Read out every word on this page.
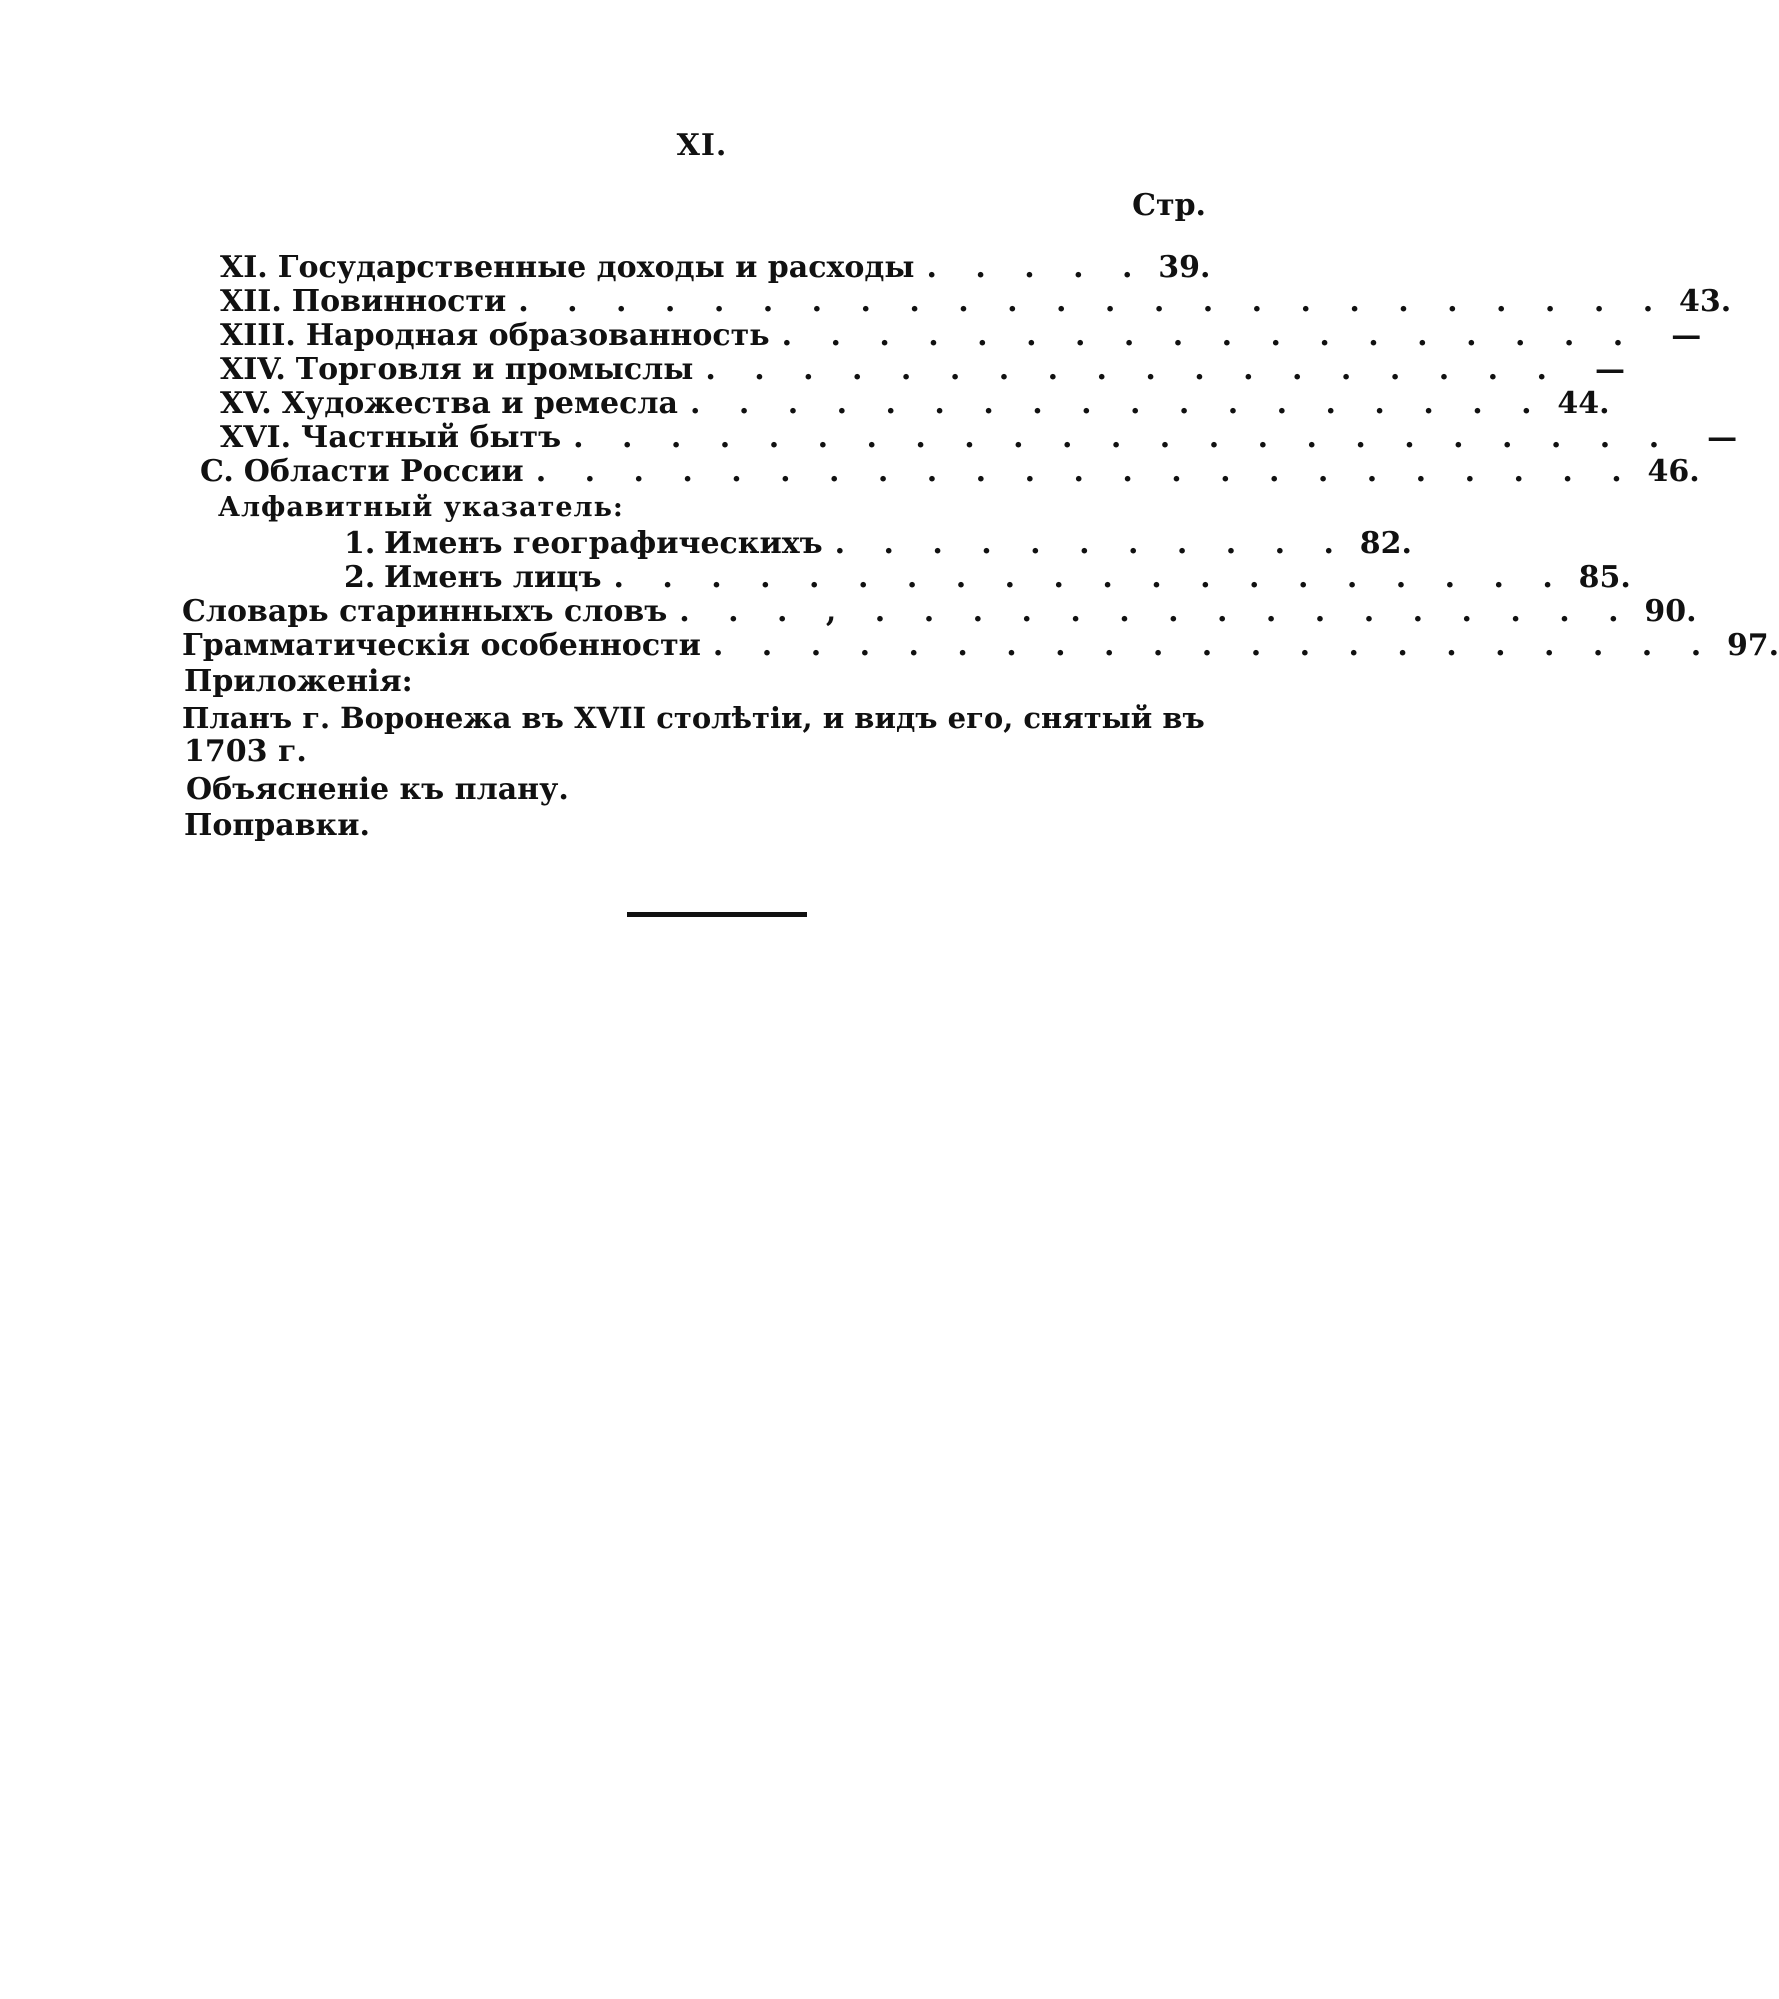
XI.
Стр.
XI. Государственные доходы и расходы . . . . . 39.
XII. Повинности . . . . . . . . . . . . . . . . . . . . . . . . 43.
XIII. Народная образованность . . . . . . . . . . . . . . . . . .	—
XIV. Торговля и промыслы . . . . . . . . . . . . . . . . . .	—
XV. Художества и ремесла . . . . . . . . . . . . . . . . . . 44.
XVI. Частный бытъ . . . . . . . . . . . . . . . . . . . . . . .	—
C. Области России . . . . . . . . . . . . . . . . . . . . . . . 46.
Алфавитный указатель:
1. Именъ географическихъ . . . . . . . . . . . 82.
2. Именъ лицъ . . . . . . . . . . . . . . . . . . . . 85.
Словарь старинныхъ словъ . . . , . . . . . . . . . . . . . . . . 90.
Грамматическія особенности . . . . . . . . . . . . . . . . . . . . . 97.
Приложенія:
Планъ г. Воронежа въ XVII столѣтіи, и видъ его, снятый въ
1703 г.
Объясненіе къ плану.
Поправки.
